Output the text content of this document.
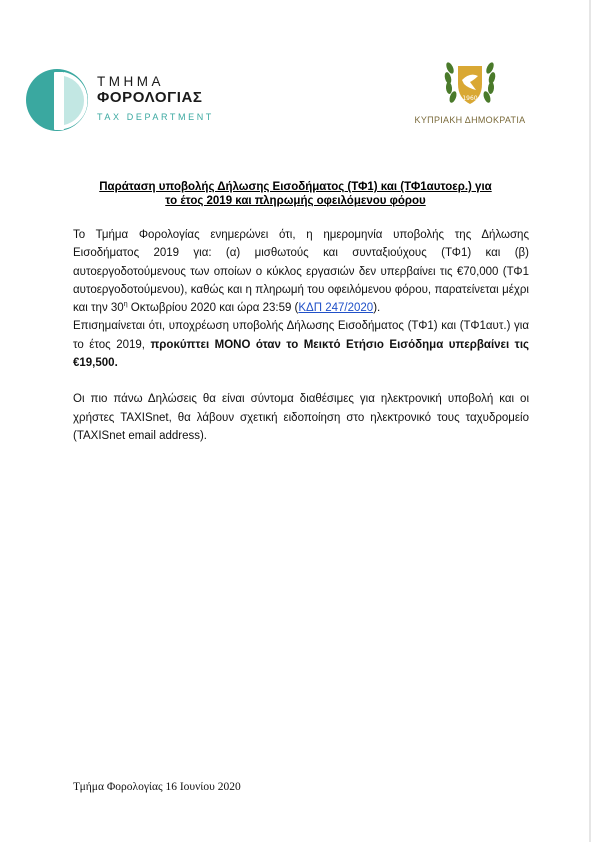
ΤΜΗΜΑ
ΦΟΡΟΛΟΓΙΑΣ
TAX DEPARTMENT
1960
ΚΥΠΡΙΑΚΗ ΔΗΜΟΚΡΑΤΙΑ
Παράταση υποβολής Δήλωσης Εισοδήματος (ΤΦ1) και (ΤΦ1αυτοερ.) για
το έτος 2019 και πληρωμής οφειλόμενου φόρου

Το Τμήμα Φορολογίας ενημερώνει ότι, η ημερομηνία υποβολής της Δήλωσης Εισοδήματος 2019 για: (α) μισθωτούς και συνταξιούχους (ΤΦ1) και (β) αυτοεργοδοτούμενους των οποίων ο κύκλος εργασιών δεν υπερβαίνει τις €70,000 (ΤΦ1 αυτοεργοδοτούμενου), καθώς και η πληρωμή του οφειλόμενου φόρου, παρατείνεται μέχρι και την $30^\eta$ Οκτωβρίου 2020 και ώρα 23:59 (ΚΔΠ 247/2020).

Επισημαίνεται ότι, υποχρέωση υποβολής Δήλωσης Εισοδήματος (ΤΦ1) και (ΤΦ1αυτ.) για το έτος 2019, προκύπτει ΜΟΝΟ όταν το Μεικτό Ετήσιο Εισόδημα υπερβαίνει τις €19,500.

Οι πιο πάνω Δηλώσεις θα είναι σύντομα διαθέσιμες για ηλεκτρονική υποβολή και οι χρήστες TAXISnet, θα λάβουν σχετική ειδοποίηση στο ηλεκτρονικό τους ταχυδρομείο (TAXISnet email address).

Τμήμα Φορολογίας 16 Ιουνίου 2020
